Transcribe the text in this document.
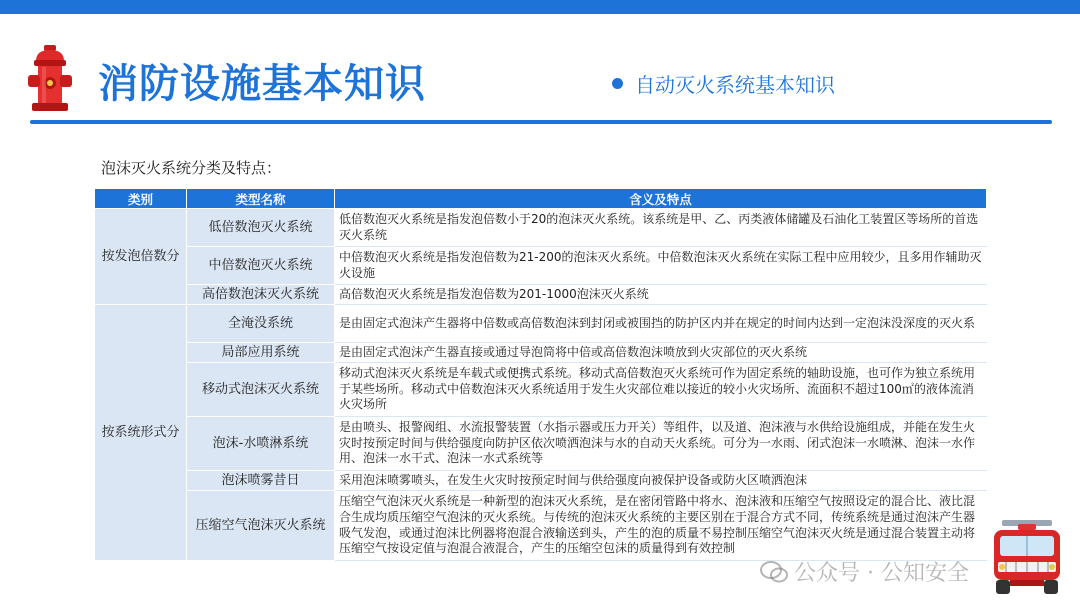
消防设施基本知识	自动灭火系统基本知识
泡沫灭火系统分类及特点：
类别	类型名称	含义及特点
按发泡倍数分	低倍数泡灭火系统	低倍数泡灭火系统是指发泡倍数小于20的泡沫灭火系统。该系统是甲、乙、丙类液体储罐及石油化工装置区等场所的首选灭火系统
	中倍数泡灭火系统	中倍数泡灭火系统是指发泡倍数为21-200的泡沫灭火系统。中倍数泡沫灭火系统在实际工程中应用较少，且多用作辅助灭火设施
	高倍数泡沫灭火系统	高倍数泡灭火系统是指发泡倍数为201-1000泡沫灭火系统
按系统形式分	全淹没系统	是由固定式泡沫产生器将中倍数或高倍数泡沫到封闭或被围挡的防护区内并在规定的时间内达到一定泡沫没深度的灭火系
	局部应用系统	是由固定式泡沫产生器直接或通过导泡筒将中倍或高倍数泡沫喷放到火灾部位的灭火系统
	移动式泡沫灭火系统	移动式泡沫灭火系统是车载式或便携式系统。移动式高倍数泡灭火系统可作为固定系统的轴助设施，也可作为独立系统用于某些场所。移动式中倍数泡沫灭火系统适用于发生火灾部位难以接近的较小火灾场所、流面积不超过100㎡的液体流消火灾场所
	泡沫-水喷淋系统	是由喷头、报警阀组、水流报警装置（水指示器或压力开关）等组件，以及道、泡沫液与水供给设施组成，并能在发生火灾时按预定时间与供给强度向防护区依次喷洒泡沫与水的自动天火系统。可分为一水雨、闭式泡沫一水喷淋、泡沫一水作用、泡沫一水干式、泡沫一水式系统等
	泡沫喷雾昔日	采用泡沫喷雾喷头，在发生火灾时按预定时间与供给强度向被保护设备或防火区喷洒泡沫
	压缩空气泡沫灭火系统	压缩空气泡沫灭火系统是一种新型的泡沫灭火系统，是在密闭管路中将水、泡沫液和压缩空气按照设定的混合比、液比混合生成均质压缩空气泡沫的灭火系统。与传统的泡沫灭火系统的主要区别在于混合方式不同，传统系统是通过泡沫产生器吸气发泡，或通过泡沫比例器将泡混合液输送到头，产生的泡的质量不易控制压缩空气泡沫灭火统是通过混合装置主动将压缩空气按设定值与泡混合液混合，产生的压缩空包沫的质量得到有效控制
公众号 · 公知安全
